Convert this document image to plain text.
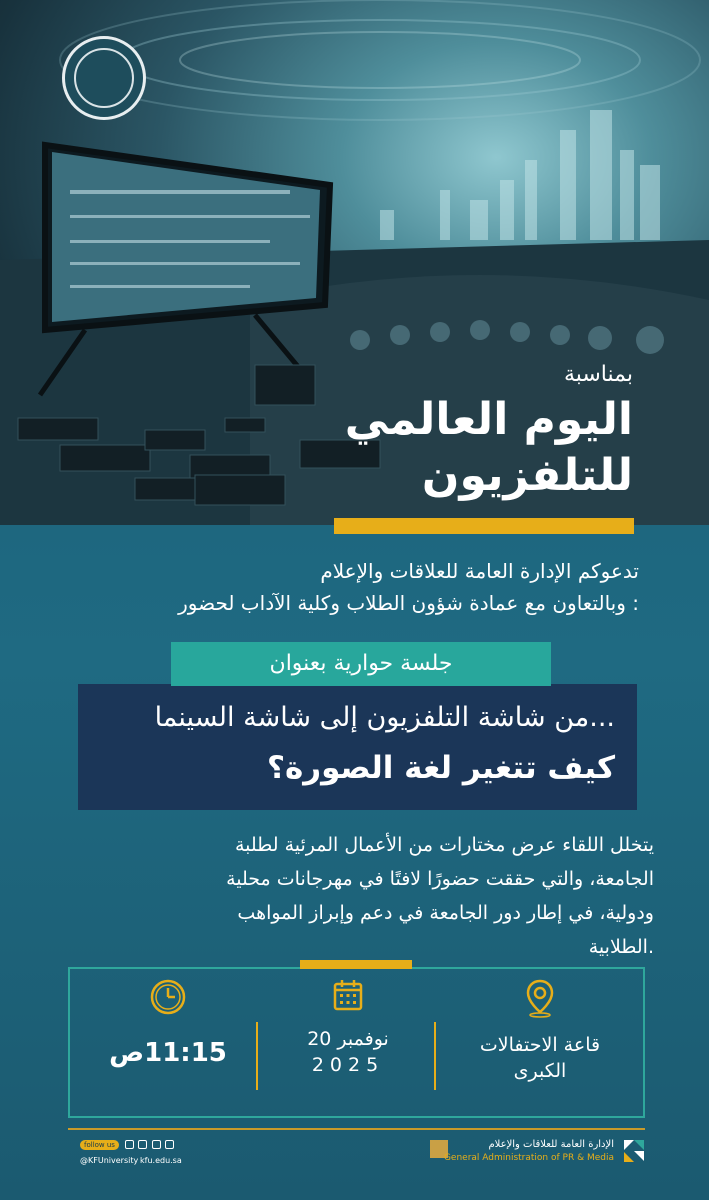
بمناسبة
اليوم العالمي
للتلفزيون
تدعوكم الإدارة العامة للعلاقات والإعلام
وبالتعاون مع عمادة شؤون الطلاب وكلية الآداب لحضور :
من شاشة التلفزيون إلى شاشة السينما...
كيف تتغير لغة الصورة؟
جلسة حوارية بعنوان
يتخلل اللقاء عرض مختارات من الأعمال المرئية لطلبة
الجامعة، والتي حققت حضورًا لافتًا في مهرجانات محلية
ودولية، في إطار دور الجامعة في دعم وإبراز المواهب
الطلابية.
قاعة الاحتفالات
الكبرى
20 نوفمبر
2025
11:15ص
follow us
@KFUniversity kfu.edu.sa
الإدارة العامة للعلاقات والإعلام
General Administration of PR & Media
